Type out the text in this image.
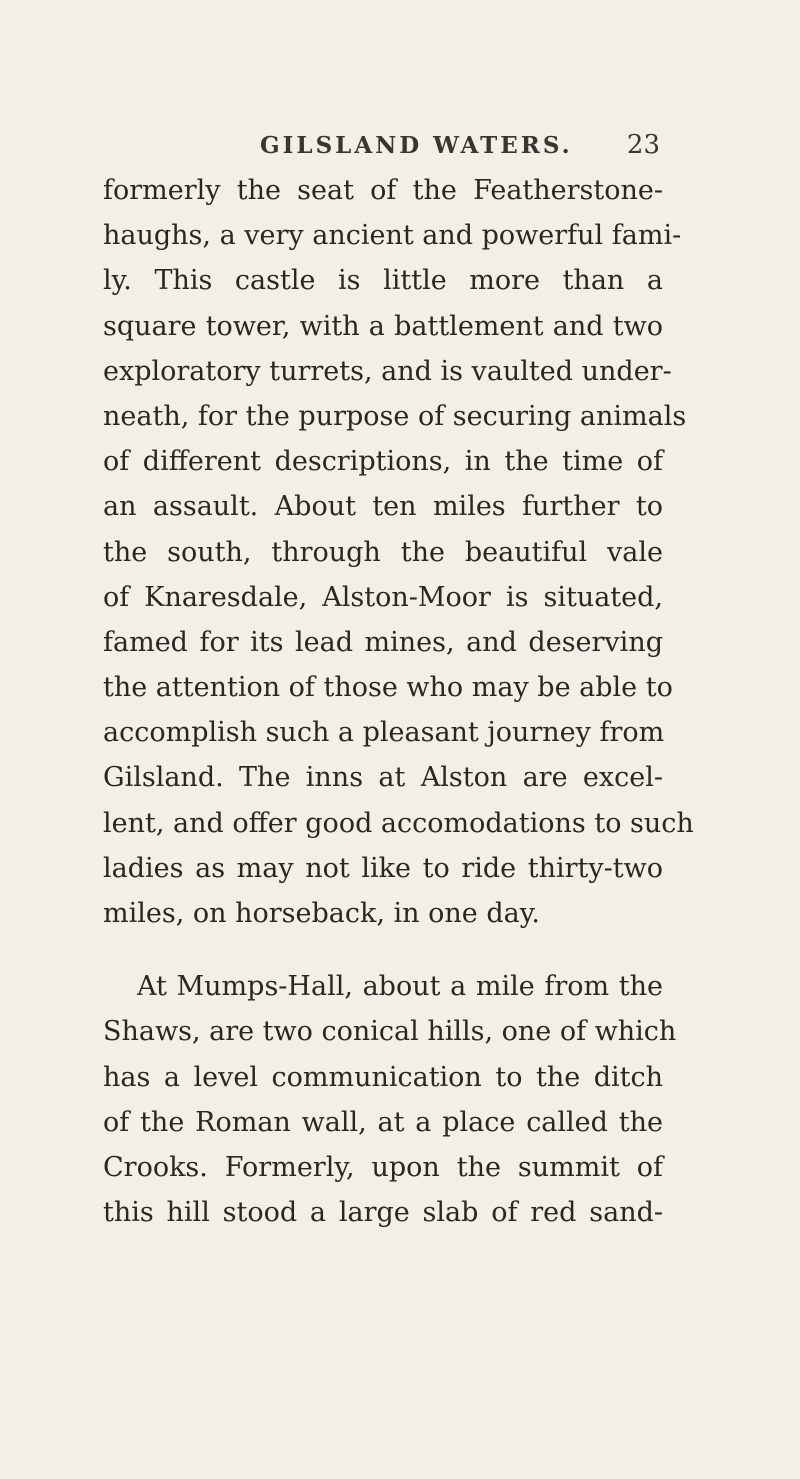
GILSLAND WATERS. 23
formerly the seat of the Featherstone-
haughs, a very ancient and powerful fami-
ly. This castle is little more than a
square tower, with a battlement and two
exploratory turrets, and is vaulted under-
neath, for the purpose of securing animals
of different descriptions, in the time of
an assault. About ten miles further to
the south, through the beautiful vale
of Knaresdale, Alston-Moor is situated,
famed for its lead mines, and deserving
the attention of those who may be able to
accomplish such a pleasant journey from
Gilsland. The inns at Alston are excel-
lent, and offer good accomodations to such
ladies as may not like to ride thirty-two
miles, on horseback, in one day.
At Mumps-Hall, about a mile from the
Shaws, are two conical hills, one of which
has a level communication to the ditch
of the Roman wall, at a place called the
Crooks. Formerly, upon the summit of
this hill stood a large slab of red sand-
